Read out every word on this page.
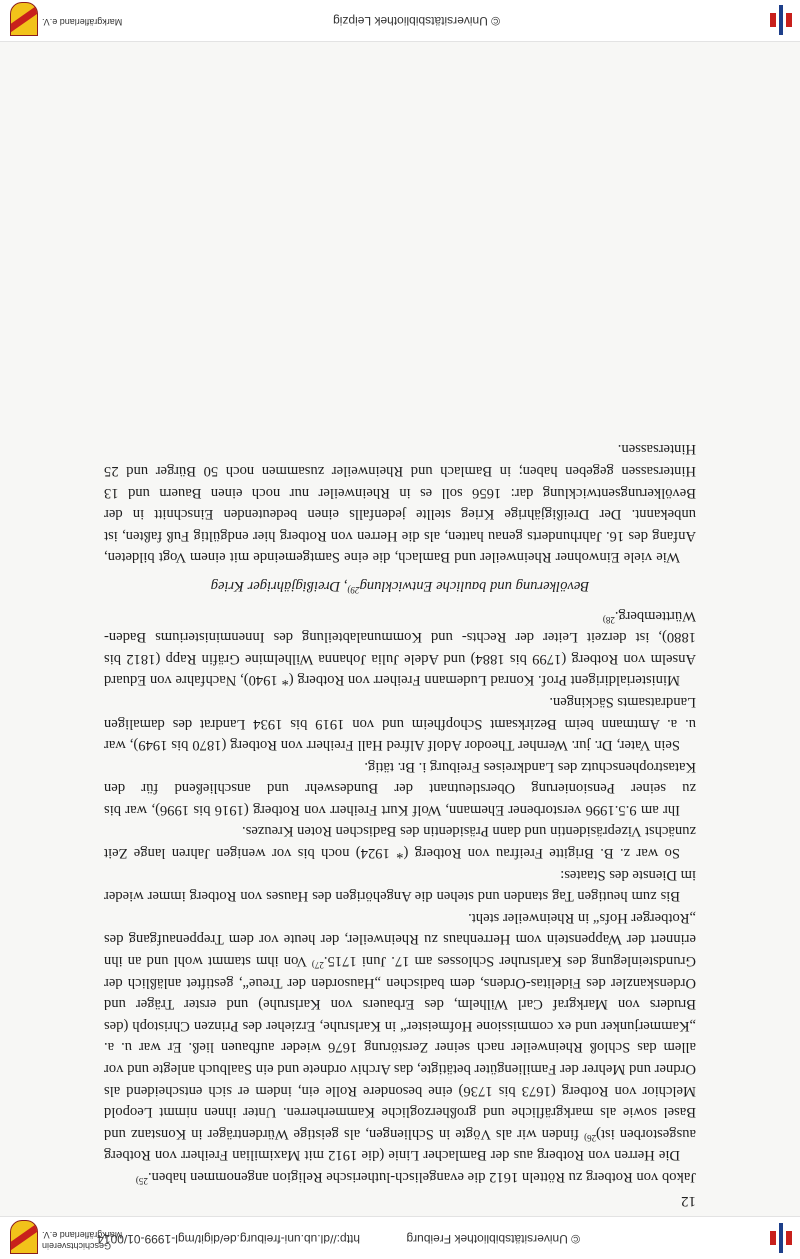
© Universitätsbibliothek Freiburg
http://dl.ub.uni-freiburg.de/digit/mgl-1999-01/0014
Geschichtsverein
Markgräflerland e.V.
12

Jakob von Rotberg zu Rötteln 1612 die evangelisch-lutherische Religion angenommen haben.$^{25)}$

Die Herren von Rotberg aus der Bamlacher Linie (die 1912 mit Maximilian Freiherr von Rotberg ausgestorben ist)$^{26)}$ finden wir als Vögte in Schliengen, als geistige Würdenträger in Konstanz und Basel sowie als markgräfliche und großherzogliche Kammerherren. Unter ihnen nimmt Leopold Melchior von Rotberg (1673 bis 1736) eine besondere Rolle ein, indem er sich entscheidend als Ordner und Mehrer der Familiengüter betätigte, das Archiv ordnete und ein Saalbuch anlegte und vor allem das Schloß Rheinweiler nach seiner Zerstörung 1676 wieder aufbauen ließ. Er war u. a. „Kammerjunker und ex commissione Hofmeister“ in Karlsruhe, Erzieher des Prinzen Christoph (des Bruders von Markgraf Carl Wilhelm, des Erbauers von Karlsruhe) und erster Träger und Ordenskanzler des Fidelitas-Ordens, dem badischen „Hausorden der Treue“, gestiftet anläßlich der Grundsteinlegung des Karlsruher Schlosses am 17. Juni 1715.$^{27)}$ Von ihm stammt wohl und an ihn erinnert der Wappenstein vom Herrenhaus zu Rheinweiler, der heute vor dem Treppenaufgang des „Rotberger Hofs“ in Rheinweiler steht.

Bis zum heutigen Tag standen und stehen die Angehörigen des Hauses von Rotberg immer wieder im Dienste des Staates:

So war z. B. Brigitte Freifrau von Rotberg (* 1924) noch bis vor wenigen Jahren lange Zeit zunächst Vizepräsidentin und dann Präsidentin des Badischen Roten Kreuzes.

Ihr am 9.5.1996 verstorbener Ehemann, Wolf Kurt Freiherr von Rotberg (1916 bis 1996), war bis zu seiner Pensionierung Oberstleutnant der Bundeswehr und anschließend für den Katastrophenschutz des Landkreises Freiburg i. Br. tätig.

Sein Vater, Dr. jur. Wernher Theodor Adolf Alfred Hall Freiherr von Rotberg (1870 bis 1949), war u. a. Amtmann beim Bezirksamt Schopfheim und von 1919 bis 1934 Landrat des damaligen Landratsamts Säckingen.

Ministerialdirigent Prof. Konrad Ludemann Freiherr von Rotberg (* 1940), Nachfahre von Eduard Anselm von Rotberg (1799 bis 1884) und Adele Julia Johanna Wilhelmine Gräfin Rapp (1812 bis 1880), ist derzeit Leiter der Rechts- und Kommunalabteilung des Innenministeriums Baden-Württemberg.$^{28)}$

Bevölkerung und bauliche Entwicklung$^{29)}$, Dreißigjähriger Krieg

Wie viele Einwohner Rheinweiler und Bamlach, die eine Samtgemeinde mit einem Vogt bildeten, Anfang des 16. Jahrhunderts genau hatten, als die Herren von Rotberg hier endgültig Fuß faßten, ist unbekannt. Der Dreißigjährige Krieg stellte jedenfalls einen bedeutenden Einschnitt in der Bevölkerungsentwicklung dar: 1656 soll es in Rheinweiler nur noch einen Bauern und 13 Hintersassen gegeben haben; in Bamlach und Rheinweiler zusammen noch 50 Bürger und 25 Hintersassen.

© Universitätsbibliothek Leipzig
Markgräflerland e.V.
